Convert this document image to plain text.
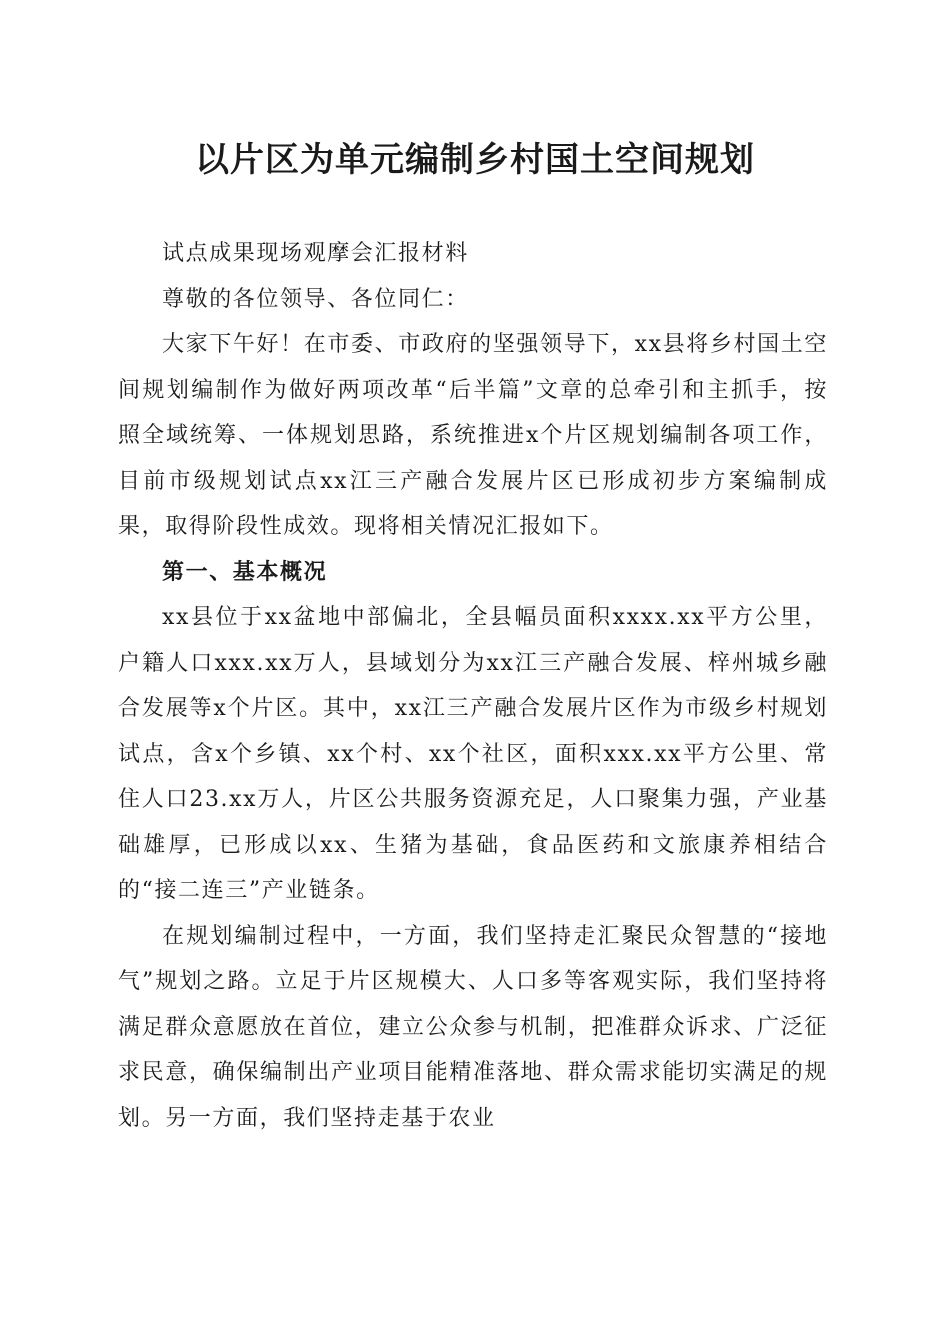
以片区为单元编制乡村国土空间规划

试点成果现场观摩会汇报材料

尊敬的各位领导、各位同仁：

大家下午好！在市委、市政府的坚强领导下，xx县将乡村国土空间规划编制作为做好两项改革“后半篇”文章的总牵引和主抓手，按照全域统筹、一体规划思路，系统推进x个片区规划编制各项工作，目前市级规划试点xx江三产融合发展片区已形成初步方案编制成果，取得阶段性成效。现将相关情况汇报如下。

第一、基本概况

xx县位于xx盆地中部偏北，全县幅员面积xxxx.xx平方公里，户籍人口xxx.xx万人，县域划分为xx江三产融合发展、梓州城乡融合发展等x个片区。其中，xx江三产融合发展片区作为市级乡村规划试点，含x个乡镇、xx个村、xx个社区，面积xxx.xx平方公里、常住人口23.xx万人，片区公共服务资源充足，人口聚集力强，产业基础雄厚，已形成以xx、生猪为基础，食品医药和文旅康养相结合的“接二连三”产业链条。

在规划编制过程中，一方面，我们坚持走汇聚民众智慧的“接地气”规划之路。立足于片区规模大、人口多等客观实际，我们坚持将满足群众意愿放在首位，建立公众参与机制，把准群众诉求、广泛征求民意，确保编制出产业项目能精准落地、群众需求能切实满足的规划。另一方面，我们坚持走基于农业
